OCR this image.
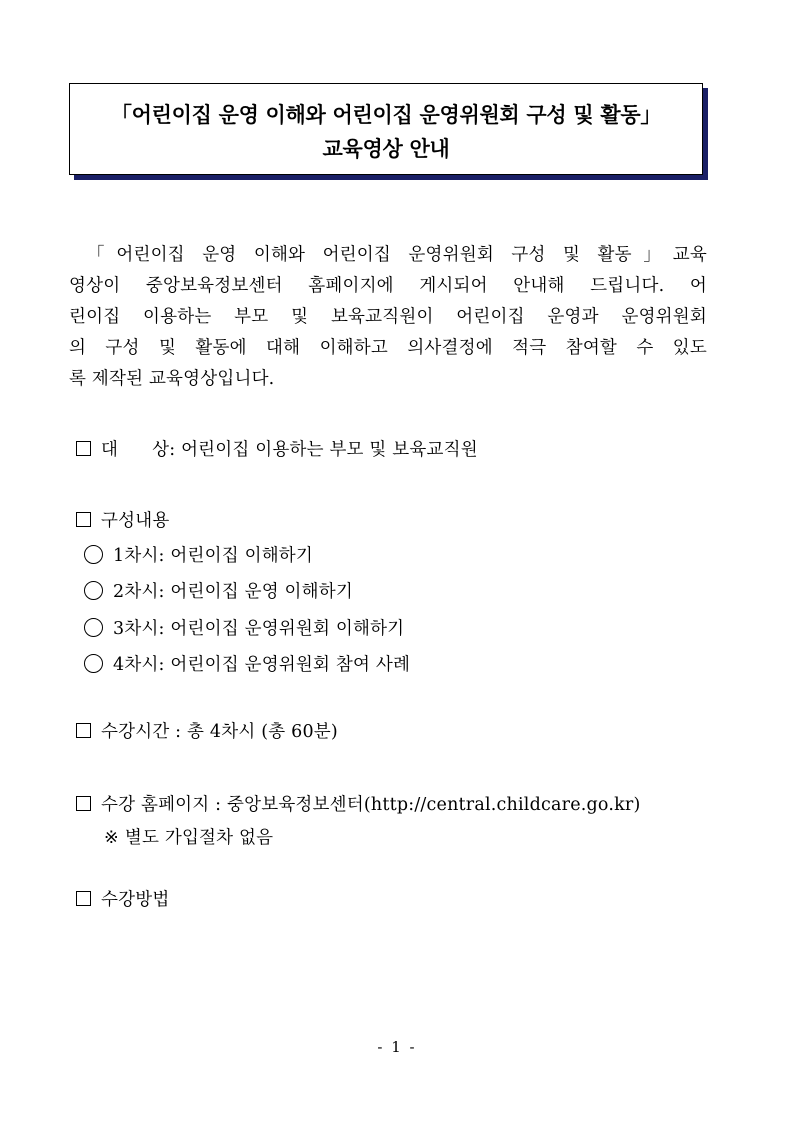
「어린이집 운영 이해와 어린이집 운영위원회 구성 및 활동」
교육영상 안내
「어린이집 운영 이해와 어린이집 운영위원회 구성 및 활동」교육
영상이 중앙보육정보센터 홈페이지에 게시되어 안내해 드립니다. 어
린이집 이용하는 부모 및 보육교직원이 어린이집 운영과 운영위원회
의 구성 및 활동에 대해 이해하고 의사결정에 적극 참여할 수 있도
록 제작된 교육영상입니다.
대 상: 어린이집 이용하는 부모 및 보육교직원
구성내용
1차시: 어린이집 이해하기
2차시: 어린이집 운영 이해하기
3차시: 어린이집 운영위원회 이해하기
4차시: 어린이집 운영위원회 참여 사례
수강시간 : 총 4차시 (총 60분)
수강 홈페이지 : 중앙보육정보센터(http://central.childcare.go.kr)
※ 별도 가입절차 없음
수강방법
- 1 -
